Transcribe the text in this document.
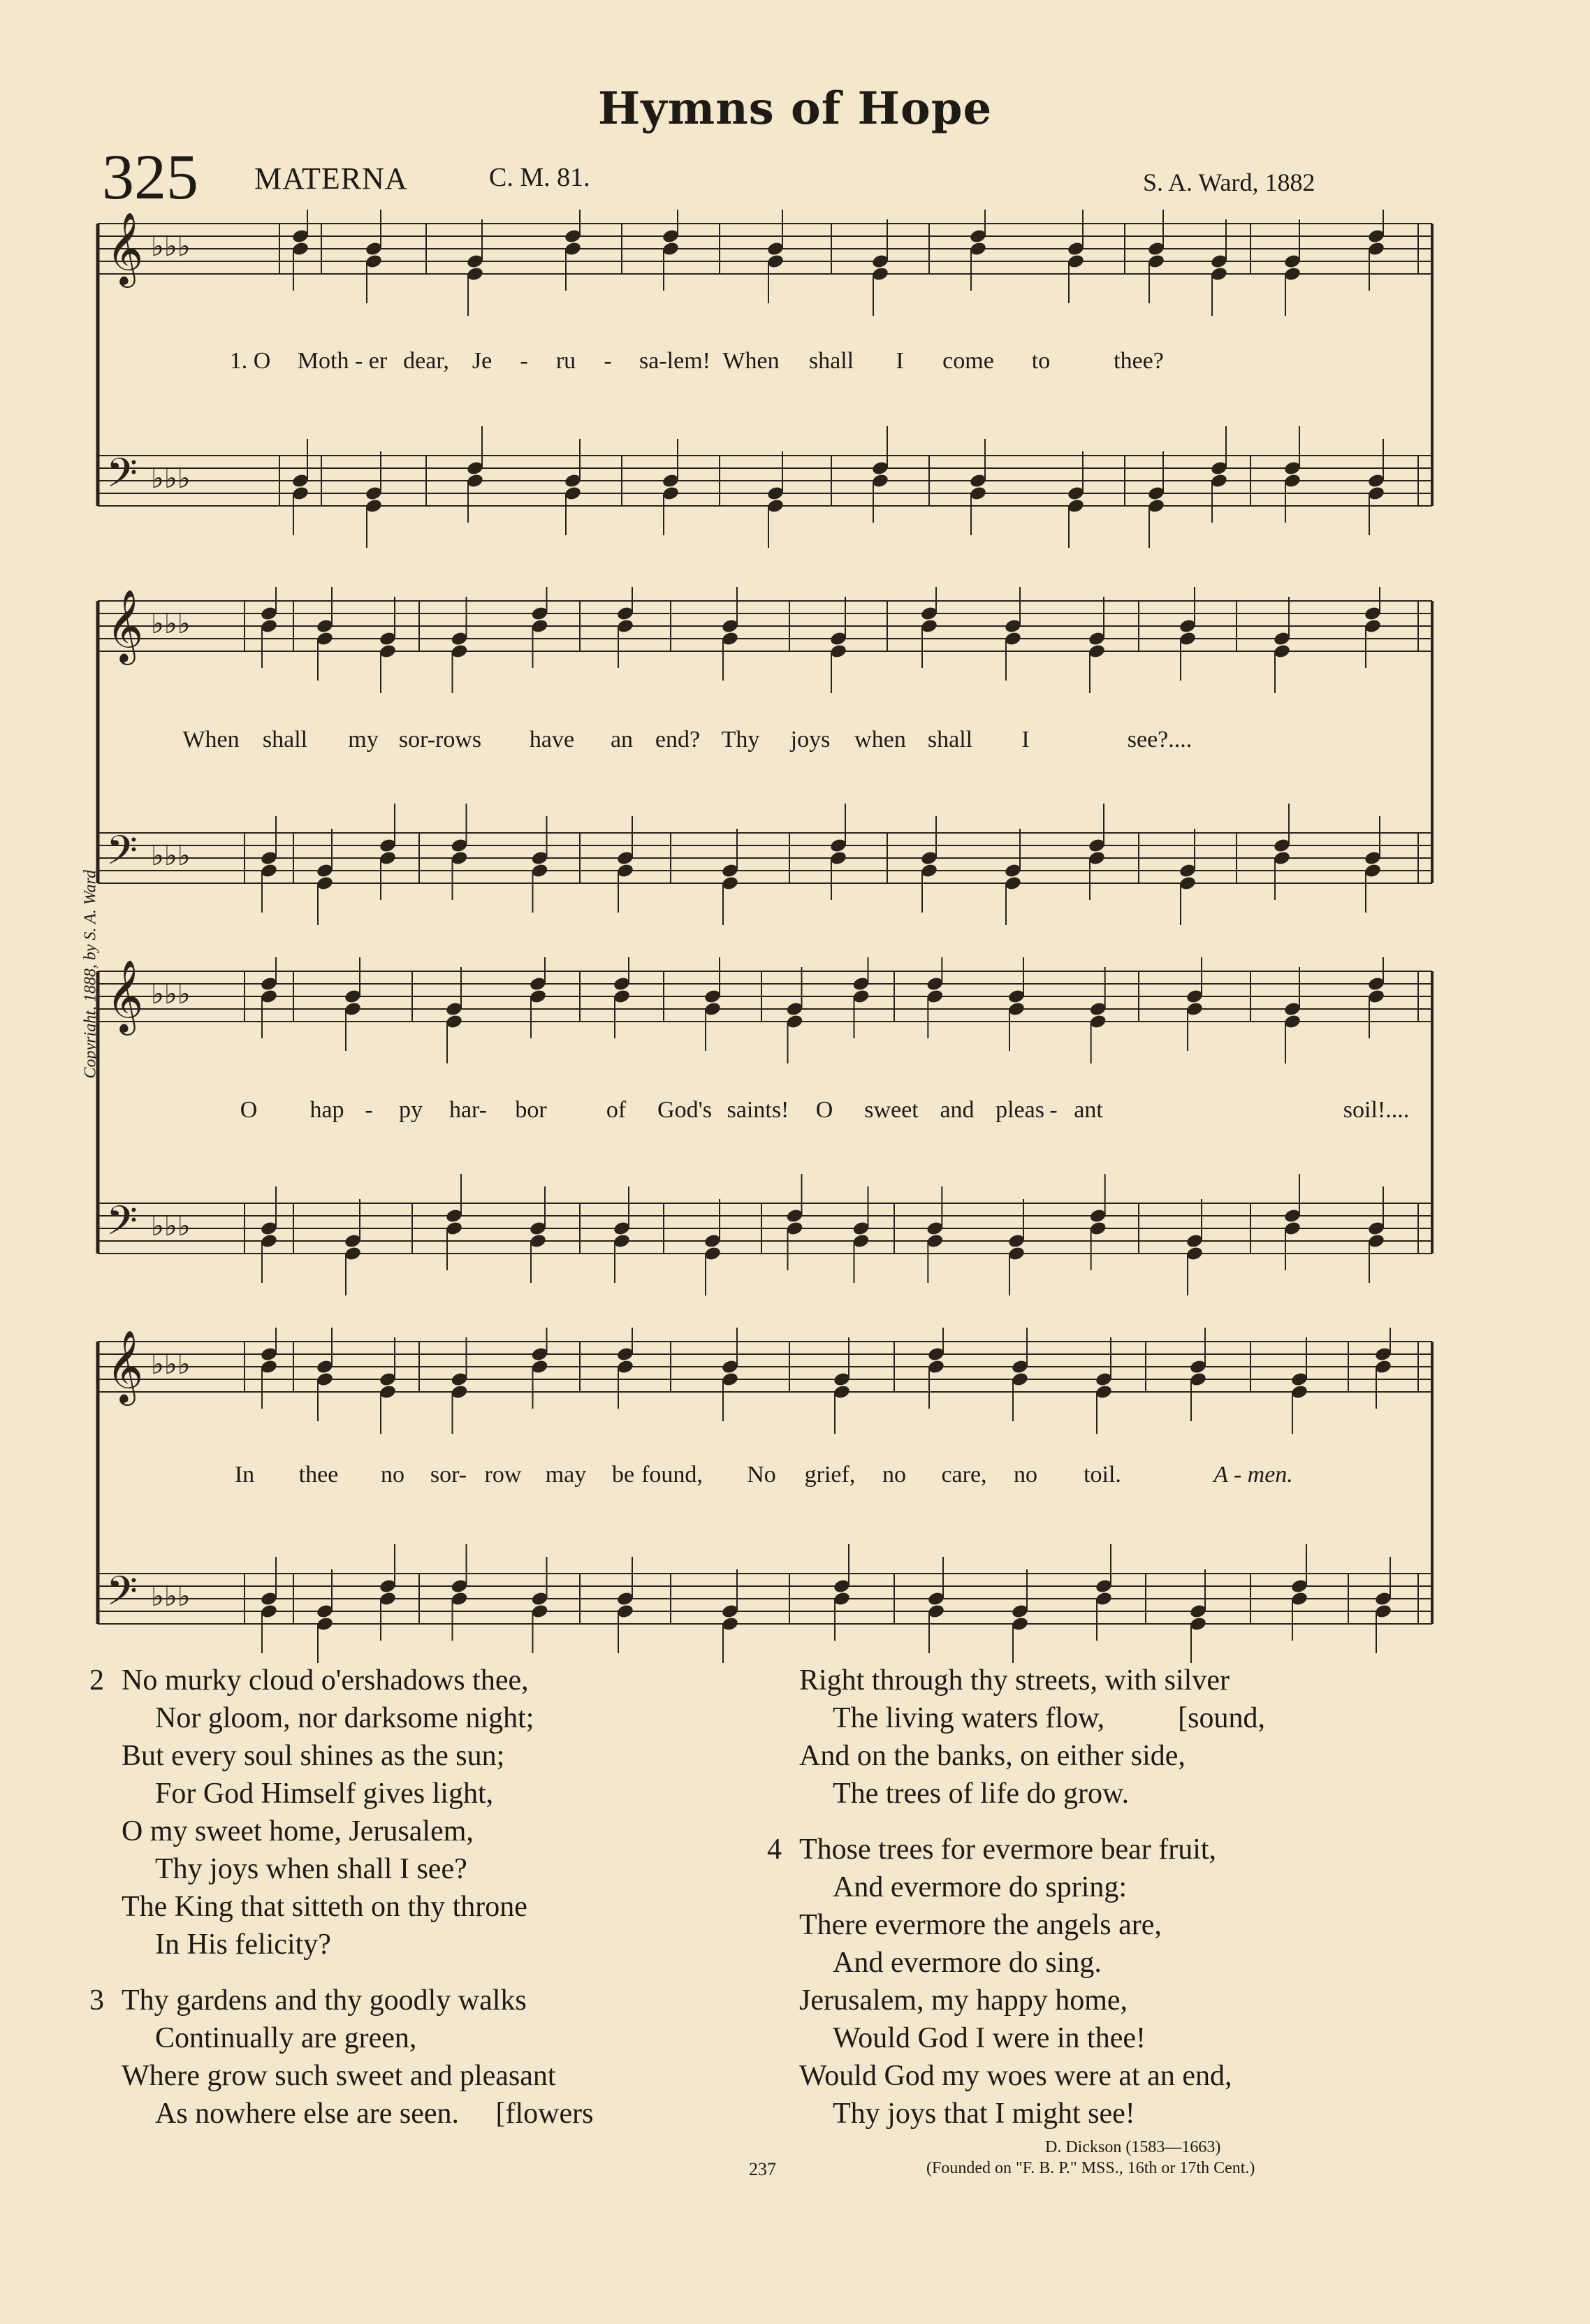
Hymns of Hope
325 MATERNA	C. M. 81.	S. A. Ward, 1882
Copyright, 1888, by S. A. Ward
𝄞
𝄢
♭♭♭
♭♭♭
1. O Moth - er dear, Je - ru - sa-lem! When shall I come to	thee?
𝄞
𝄢
♭♭♭
♭♭♭
When shall my sor-rows have an end? Thy joys when shall I	see?....
𝄞
𝄢
♭♭♭
♭♭♭
O hap - py har- bor	of God's saints! O sweet and pleas - ant	soil!....
𝄞
𝄢
♭♭♭
♭♭♭
In thee no sor- row may be found, No grief, no care, no toil.	A - men.
2 No murky cloud o'ershadows thee,
Nor gloom, nor darksome night;
But every soul shines as the sun;
For God Himself gives light,
O my sweet home, Jerusalem,
Thy joys when shall I see?
The King that sitteth on thy throne
In His felicity?
3 Thy gardens and thy goodly walks
Continually are green,
Where grow such sweet and pleasant
As nowhere else are seen.     [flowers
Right through thy streets, with silver
The living waters flow,          [sound,
And on the banks, on either side,
The trees of life do grow.
4 Those trees for evermore bear fruit,
And evermore do spring:
There evermore the angels are,
And evermore do sing.
Jerusalem, my happy home,
Would God I were in thee!
Would God my woes were at an end,
Thy joys that I might see!
D. Dickson (1583—1663)
(Founded on "F. B. P." MSS., 16th or 17th Cent.)
237
